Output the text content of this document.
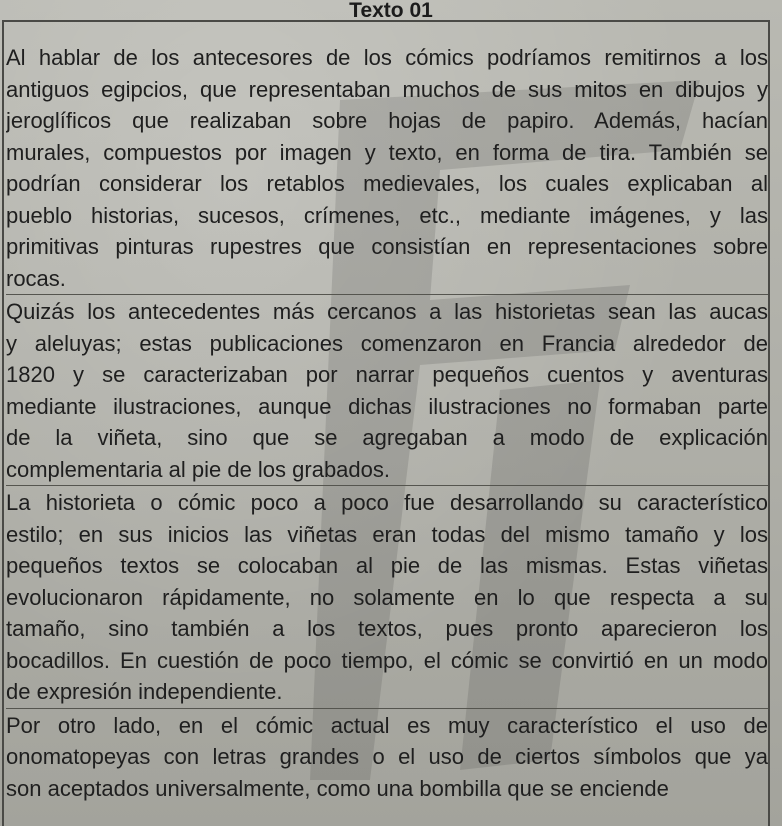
Texto 01
Al hablar de los antecesores de los cómics podríamos remitirnos a los
antiguos egipcios, que representaban muchos de sus mitos en dibujos y
jeroglíficos que realizaban sobre hojas de papiro. Además, hacían
murales, compuestos por imagen y texto, en forma de tira. También se
podrían considerar los retablos medievales, los cuales explicaban al
pueblo historias, sucesos, crímenes, etc., mediante imágenes, y las
primitivas pinturas rupestres que consistían en representaciones sobre
rocas.
Quizás los antecedentes más cercanos a las historietas sean las aucas
y aleluyas; estas publicaciones comenzaron en Francia alrededor de
1820 y se caracterizaban por narrar pequeños cuentos y aventuras
mediante ilustraciones, aunque dichas ilustraciones no formaban parte
de la viñeta, sino que se agregaban a modo de explicación
complementaria al pie de los grabados.
La historieta o cómic poco a poco fue desarrollando su característico
estilo; en sus inicios las viñetas eran todas del mismo tamaño y los
pequeños textos se colocaban al pie de las mismas. Estas viñetas
evolucionaron rápidamente, no solamente en lo que respecta a su
tamaño, sino también a los textos, pues pronto aparecieron los
bocadillos. En cuestión de poco tiempo, el cómic se convirtió en un modo
de expresión independiente.
Por otro lado, en el cómic actual es muy característico el uso de
onomatopeyas con letras grandes o el uso de ciertos símbolos que ya
son aceptados universalmente, como una bombilla que se enciende
